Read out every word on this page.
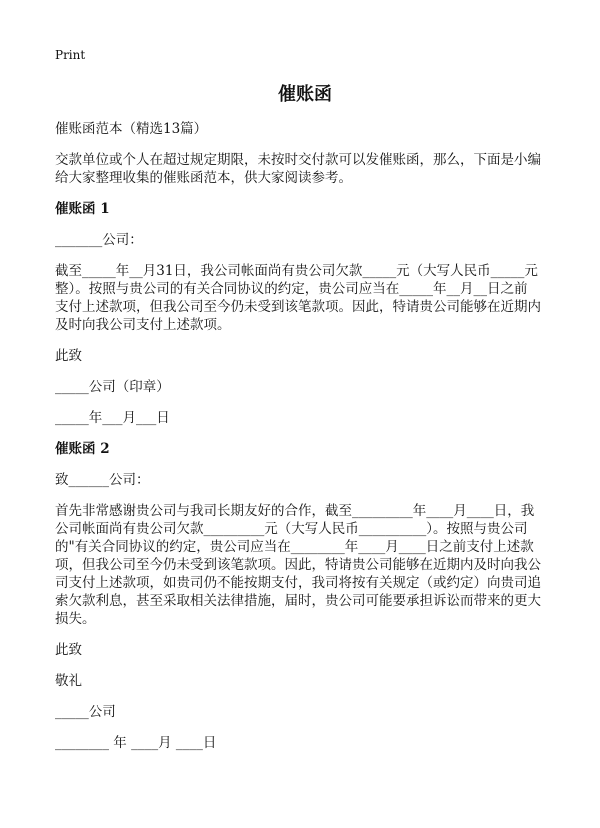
Print
催账函

催账函范本（精选13篇）

交款单位或个人在超过规定期限，未按时交付款可以发催账函，那么，下面是小编
给大家整理收集的催账函范本，供大家阅读参考。

催账函 1

_______公司：

截至_____年__月31日，我公司帐面尚有贵公司欠款_____元（大写人民币_____元
整）。按照与贵公司的有关合同协议的约定，贵公司应当在_____年__月__日之前
支付上述款项，但我公司至今仍未受到该笔款项。因此，特请贵公司能够在近期内
及时向我公司支付上述款项。

此致

_____公司（印章）

_____年___月___日

催账函 2

致______公司：

首先非常感谢贵公司与我司长期友好的合作，截至_________年____月____日，我
公司帐面尚有贵公司欠款_________元（大写人民币__________）。按照与贵公司
的"有关合同协议的约定，贵公司应当在________年____月____日之前支付上述款
项，但我公司至今仍未受到该笔款项。因此，特请贵公司能够在近期内及时向我公
司支付上述款项，如贵司仍不能按期支付，我司将按有关规定（或约定）向贵司追
索欠款利息，甚至采取相关法律措施，届时，贵公司可能要承担诉讼而带来的更大
损失。

此致

敬礼

_____公司

________ 年 ____月 ____日
